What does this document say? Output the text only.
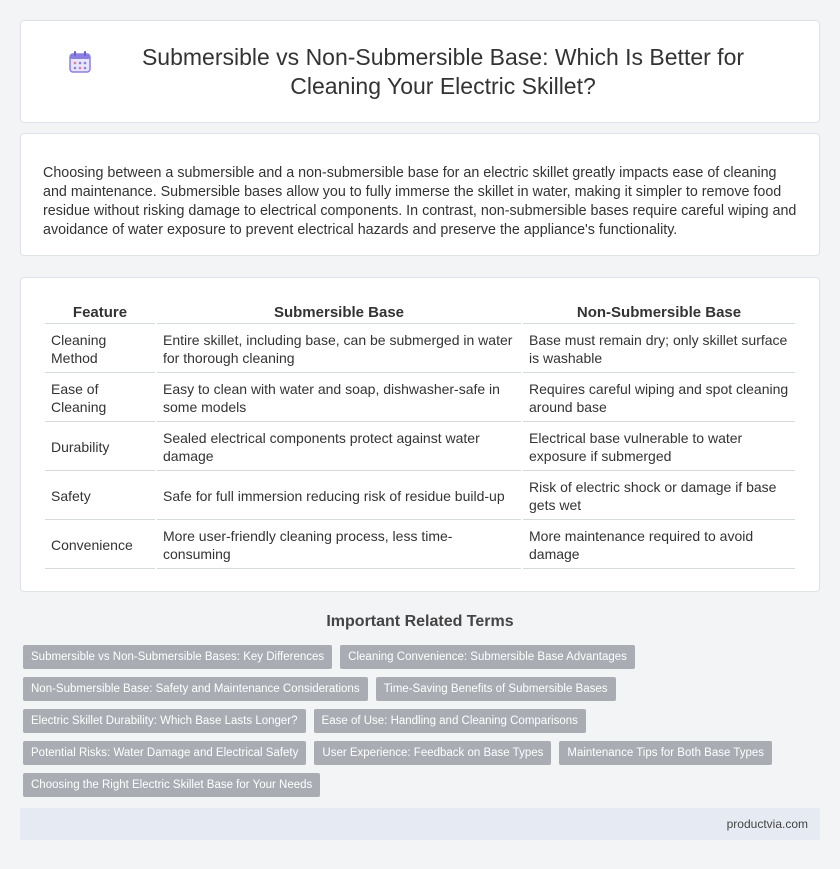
Submersible vs Non-Submersible Base: Which Is Better for Cleaning Your Electric Skillet?

Choosing between a submersible and a non-submersible base for an electric skillet greatly impacts ease of cleaning and maintenance. Submersible bases allow you to fully immerse the skillet in water, making it simpler to remove food residue without risking damage to electrical components. In contrast, non-submersible bases require careful wiping and avoidance of water exposure to prevent electrical hazards and preserve the appliance's functionality.

Feature	Submersible Base	Non-Submersible Base
Cleaning Method	Entire skillet, including base, can be submerged in water for thorough cleaning	Base must remain dry; only skillet surface is washable
Ease of Cleaning	Easy to clean with water and soap, dishwasher-safe in some models	Requires careful wiping and spot cleaning around base
Durability	Sealed electrical components protect against water damage	Electrical base vulnerable to water exposure if submerged
Safety	Safe for full immersion reducing risk of residue build-up	Risk of electric shock or damage if base gets wet
Convenience	More user-friendly cleaning process, less time-consuming	More maintenance required to avoid damage
Important Related Terms
Submersible vs Non-Submersible Bases: Key Differences	Cleaning Convenience: Submersible Base Advantages
Non-Submersible Base: Safety and Maintenance Considerations	Time-Saving Benefits of Submersible Bases
Electric Skillet Durability: Which Base Lasts Longer?	Ease of Use: Handling and Cleaning Comparisons
Potential Risks: Water Damage and Electrical Safety	User Experience: Feedback on Base Types	Maintenance Tips for Both Base Types
Choosing the Right Electric Skillet Base for Your Needs
productvia.com
